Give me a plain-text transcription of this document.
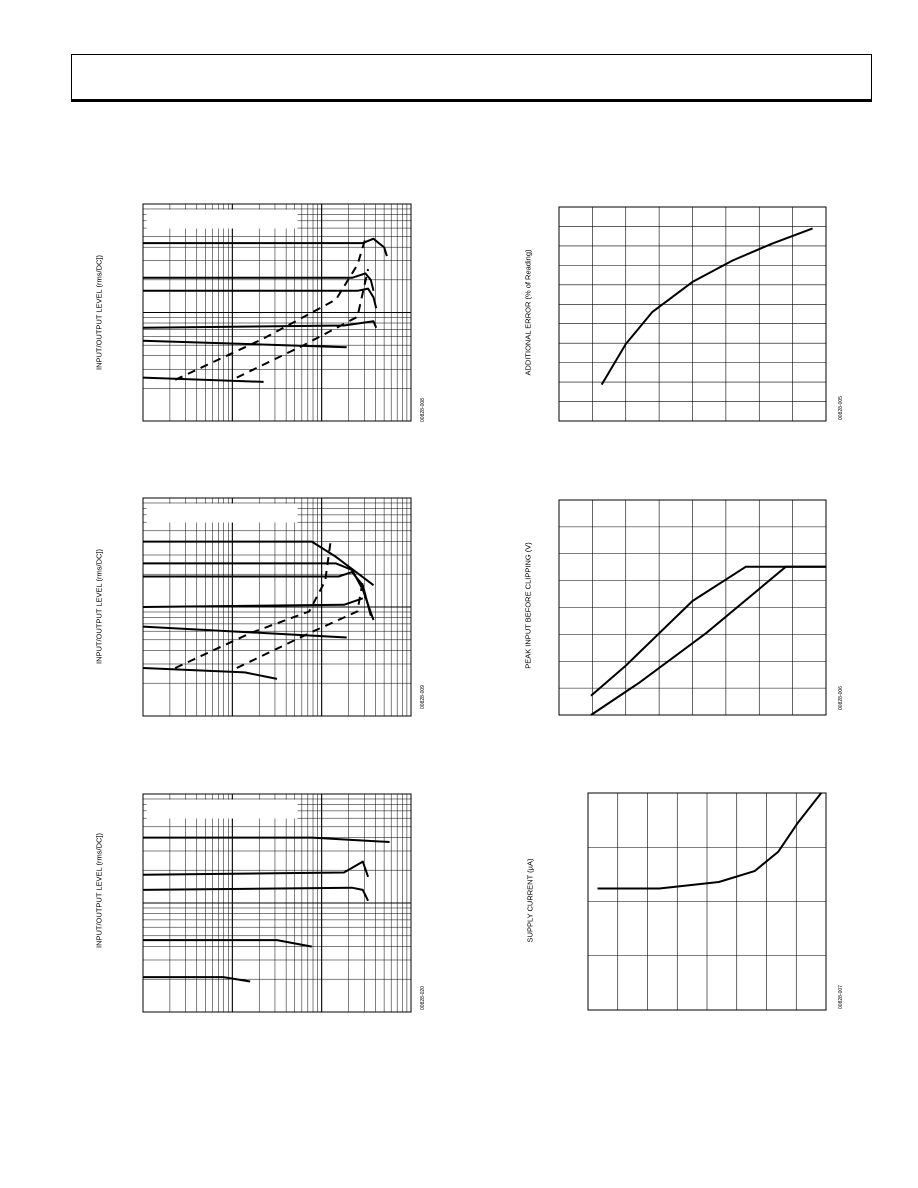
INPUT/OUTPUT LEVEL (rms/DC])
00828-008
ADDITIONAL ERROR (% of Reading)
00828-005
INPUT/OUTPUT LEVEL (rms/DC])
00828-009
PEAK INPUT BEFORE CLIPPING (V)
00828-006
INPUT/OUTPUT LEVEL (rms/DC])
00828-020
SUPPLY CURRENT (µA)
00828-007
